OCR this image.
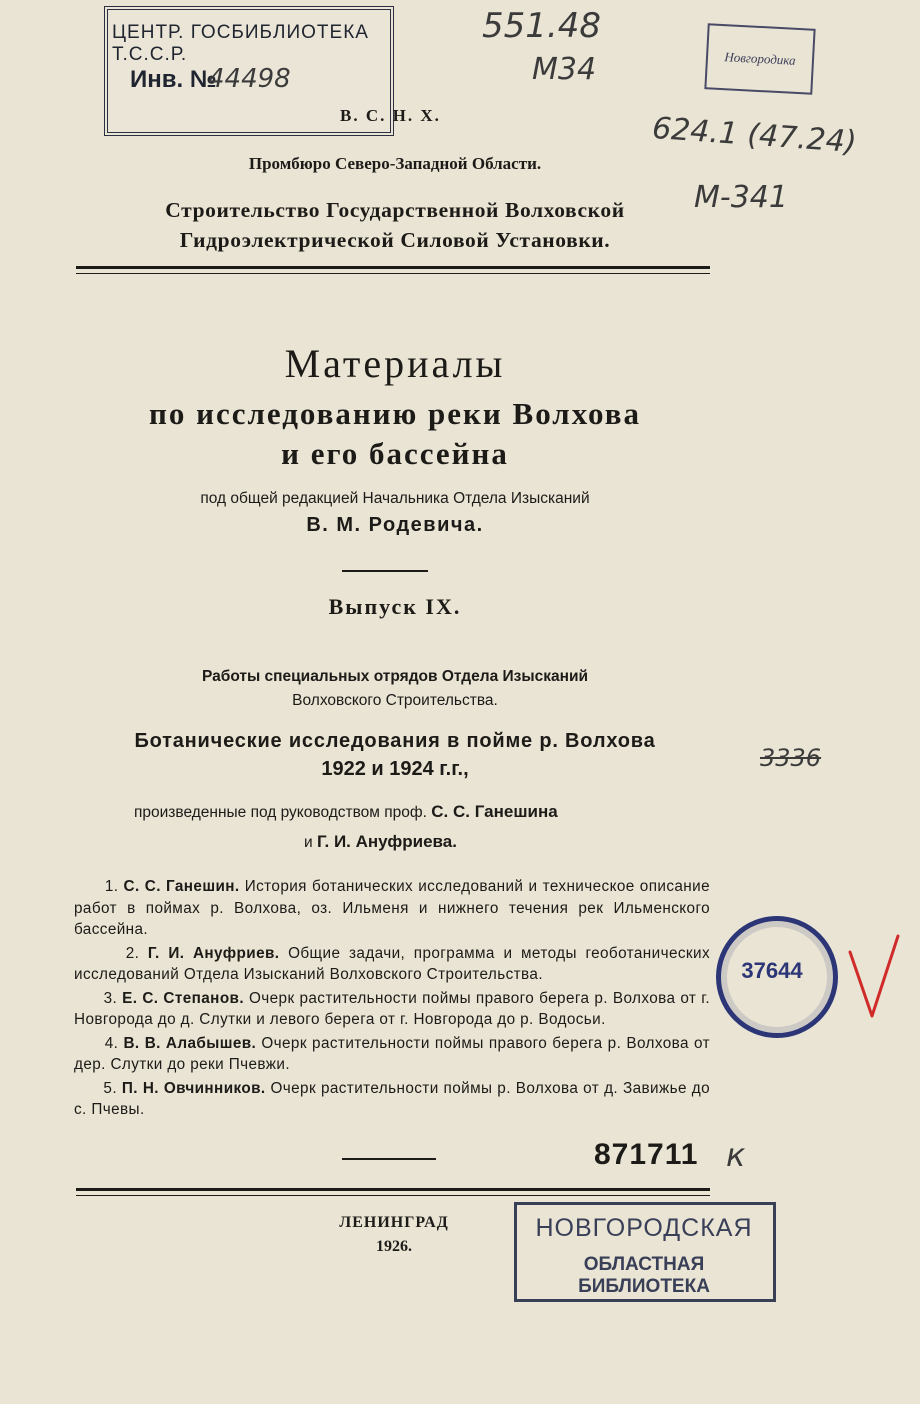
ЦЕНТР. ГОСБИБЛИОТЕКА Т.С.С.Р.
Инв. №
44498
551.48
М34	Новгородика
624.1 (47.24)
М-341
В. С. Н. Х.
Промбюро Северо-Западной Области.
Строительство Государственной Волховской
Гидроэлектрической Силовой Установки.
Материалы
по исследованию реки Волхова
и его бассейна
под общей редакцией Начальника Отдела Изысканий
В. М. Родевича.
Выпуск IX.
Работы специальных отрядов Отдела Изысканий
Волховского Строительства.
Ботанические исследования в пойме р. Волхова
1922 и 1924 г.г.,	3336
произведенные под руководством проф. С. С. Ганешина
и Г. И. Ануфриева.

1. С. С. Ганешин. История ботанических исследований и техническое описание работ в поймах р. Волхова, оз. Ильменя и нижнего течения рек Ильменского бассейна.

2. Г. И. Ануфриев. Общие задачи, программа и методы геоботанических исследований Отдела Изысканий Волховского Строительства.

3. Е. С. Степанов. Очерк растительности поймы правого берега р. Волхова от г. Новгорода до д. Слутки и левого берега от г. Новгорода до р. Водосьи.

4. В. В. Алабышев. Очерк растительности поймы правого берега р. Волхова от дер. Слутки до реки Пчевжи.

5. П. Н. Овчинников. Очерк растительности поймы р. Волхова от д. Завижье до с. Пчевы.

37644
871711 к
ЛЕНИНГРАД
1926.
НОВГОРОДСКАЯ
ОБЛАСТНАЯ БИБЛИОТЕКА
